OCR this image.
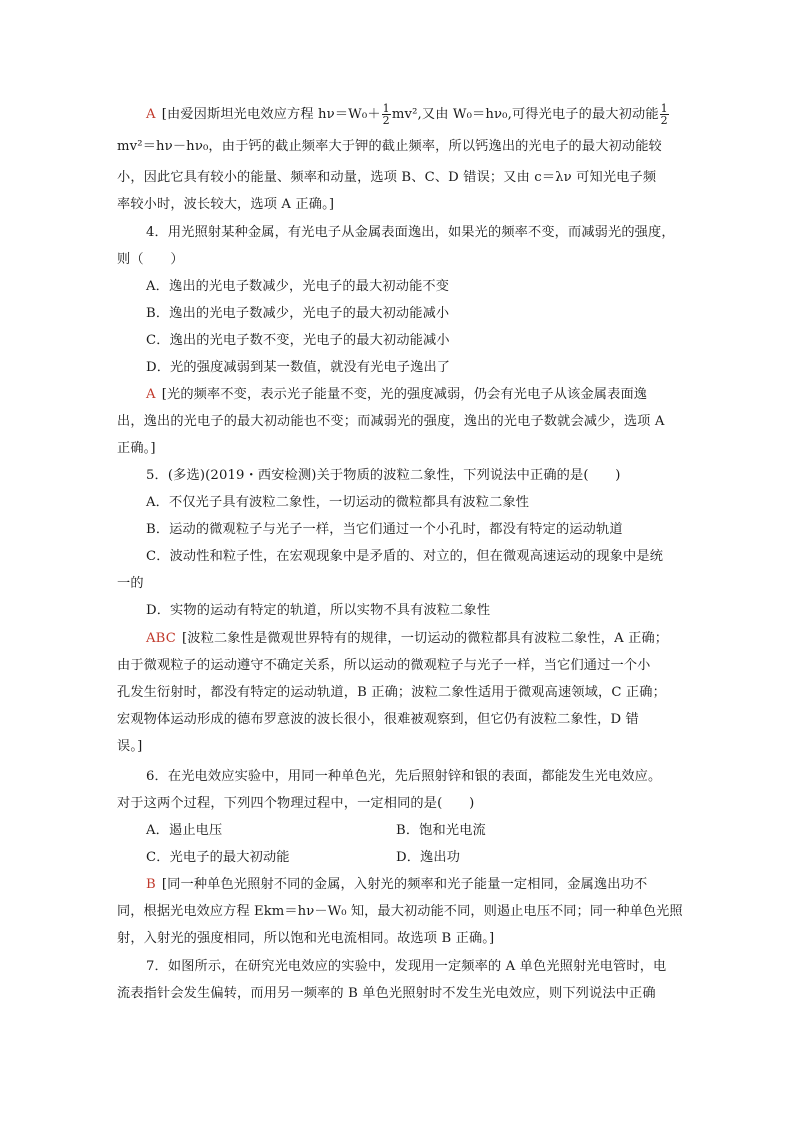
A [由爱因斯坦光电效应方程 $h\nu=W_0+ \frac{1}{2} mv^2$,又由 W₀＝hν₀,可得光电子的最大初动能 $\frac{1}{2}$
mv²＝hν－hν₀，由于钙的截止频率大于钾的截止频率，所以钙逸出的光电子的最大初动能较
小，因此它具有较小的能量、频率和动量，选项 B、C、D 错误；又由 c＝λν 可知光电子频
率较小时，波长较大，选项 A 正确。]
4．用光照射某种金属，有光电子从金属表面逸出，如果光的频率不变，而减弱光的强度，
则（　　）
A．逸出的光电子数减少，光电子的最大初动能不变
B．逸出的光电子数减少，光电子的最大初动能减小
C．逸出的光电子数不变，光电子的最大初动能减小
D．光的强度减弱到某一数值，就没有光电子逸出了
A [光的频率不变，表示光子能量不变，光的强度减弱，仍会有光电子从该金属表面逸
出，逸出的光电子的最大初动能也不变；而减弱光的强度，逸出的光电子数就会减少，选项 A
正确。]
5．(多选)(2019・西安检测)关于物质的波粒二象性，下列说法中正确的是(　　)
A．不仅光子具有波粒二象性，一切运动的微粒都具有波粒二象性
B．运动的微观粒子与光子一样，当它们通过一个小孔时，都没有特定的运动轨道
C．波动性和粒子性，在宏观现象中是矛盾的、对立的，但在微观高速运动的现象中是统
一的
D．实物的运动有特定的轨道，所以实物不具有波粒二象性
ABC [波粒二象性是微观世界特有的规律，一切运动的微粒都具有波粒二象性，A 正确；
由于微观粒子的运动遵守不确定关系，所以运动的微观粒子与光子一样，当它们通过一个小
孔发生衍射时，都没有特定的运动轨道，B 正确；波粒二象性适用于微观高速领域，C 正确；
宏观物体运动形成的德布罗意波的波长很小，很难被观察到，但它仍有波粒二象性，D 错
误。]
6．在光电效应实验中，用同一种单色光，先后照射锌和银的表面，都能发生光电效应。
对于这两个过程，下列四个物理过程中，一定相同的是(　　)
A．遏止电压	B．饱和光电流
C．光电子的最大初动能	D．逸出功
B [同一种单色光照射不同的金属，入射光的频率和光子能量一定相同，金属逸出功不
同，根据光电效应方程 Ekm＝hν－W₀ 知，最大初动能不同，则遏止电压不同；同一种单色光照
射，入射光的强度相同，所以饱和光电流相同。故选项 B 正确。]
7．如图所示，在研究光电效应的实验中，发现用一定频率的 A 单色光照射光电管时，电
流表指针会发生偏转，而用另一频率的 B 单色光照射时不发生光电效应，则下列说法中正确
